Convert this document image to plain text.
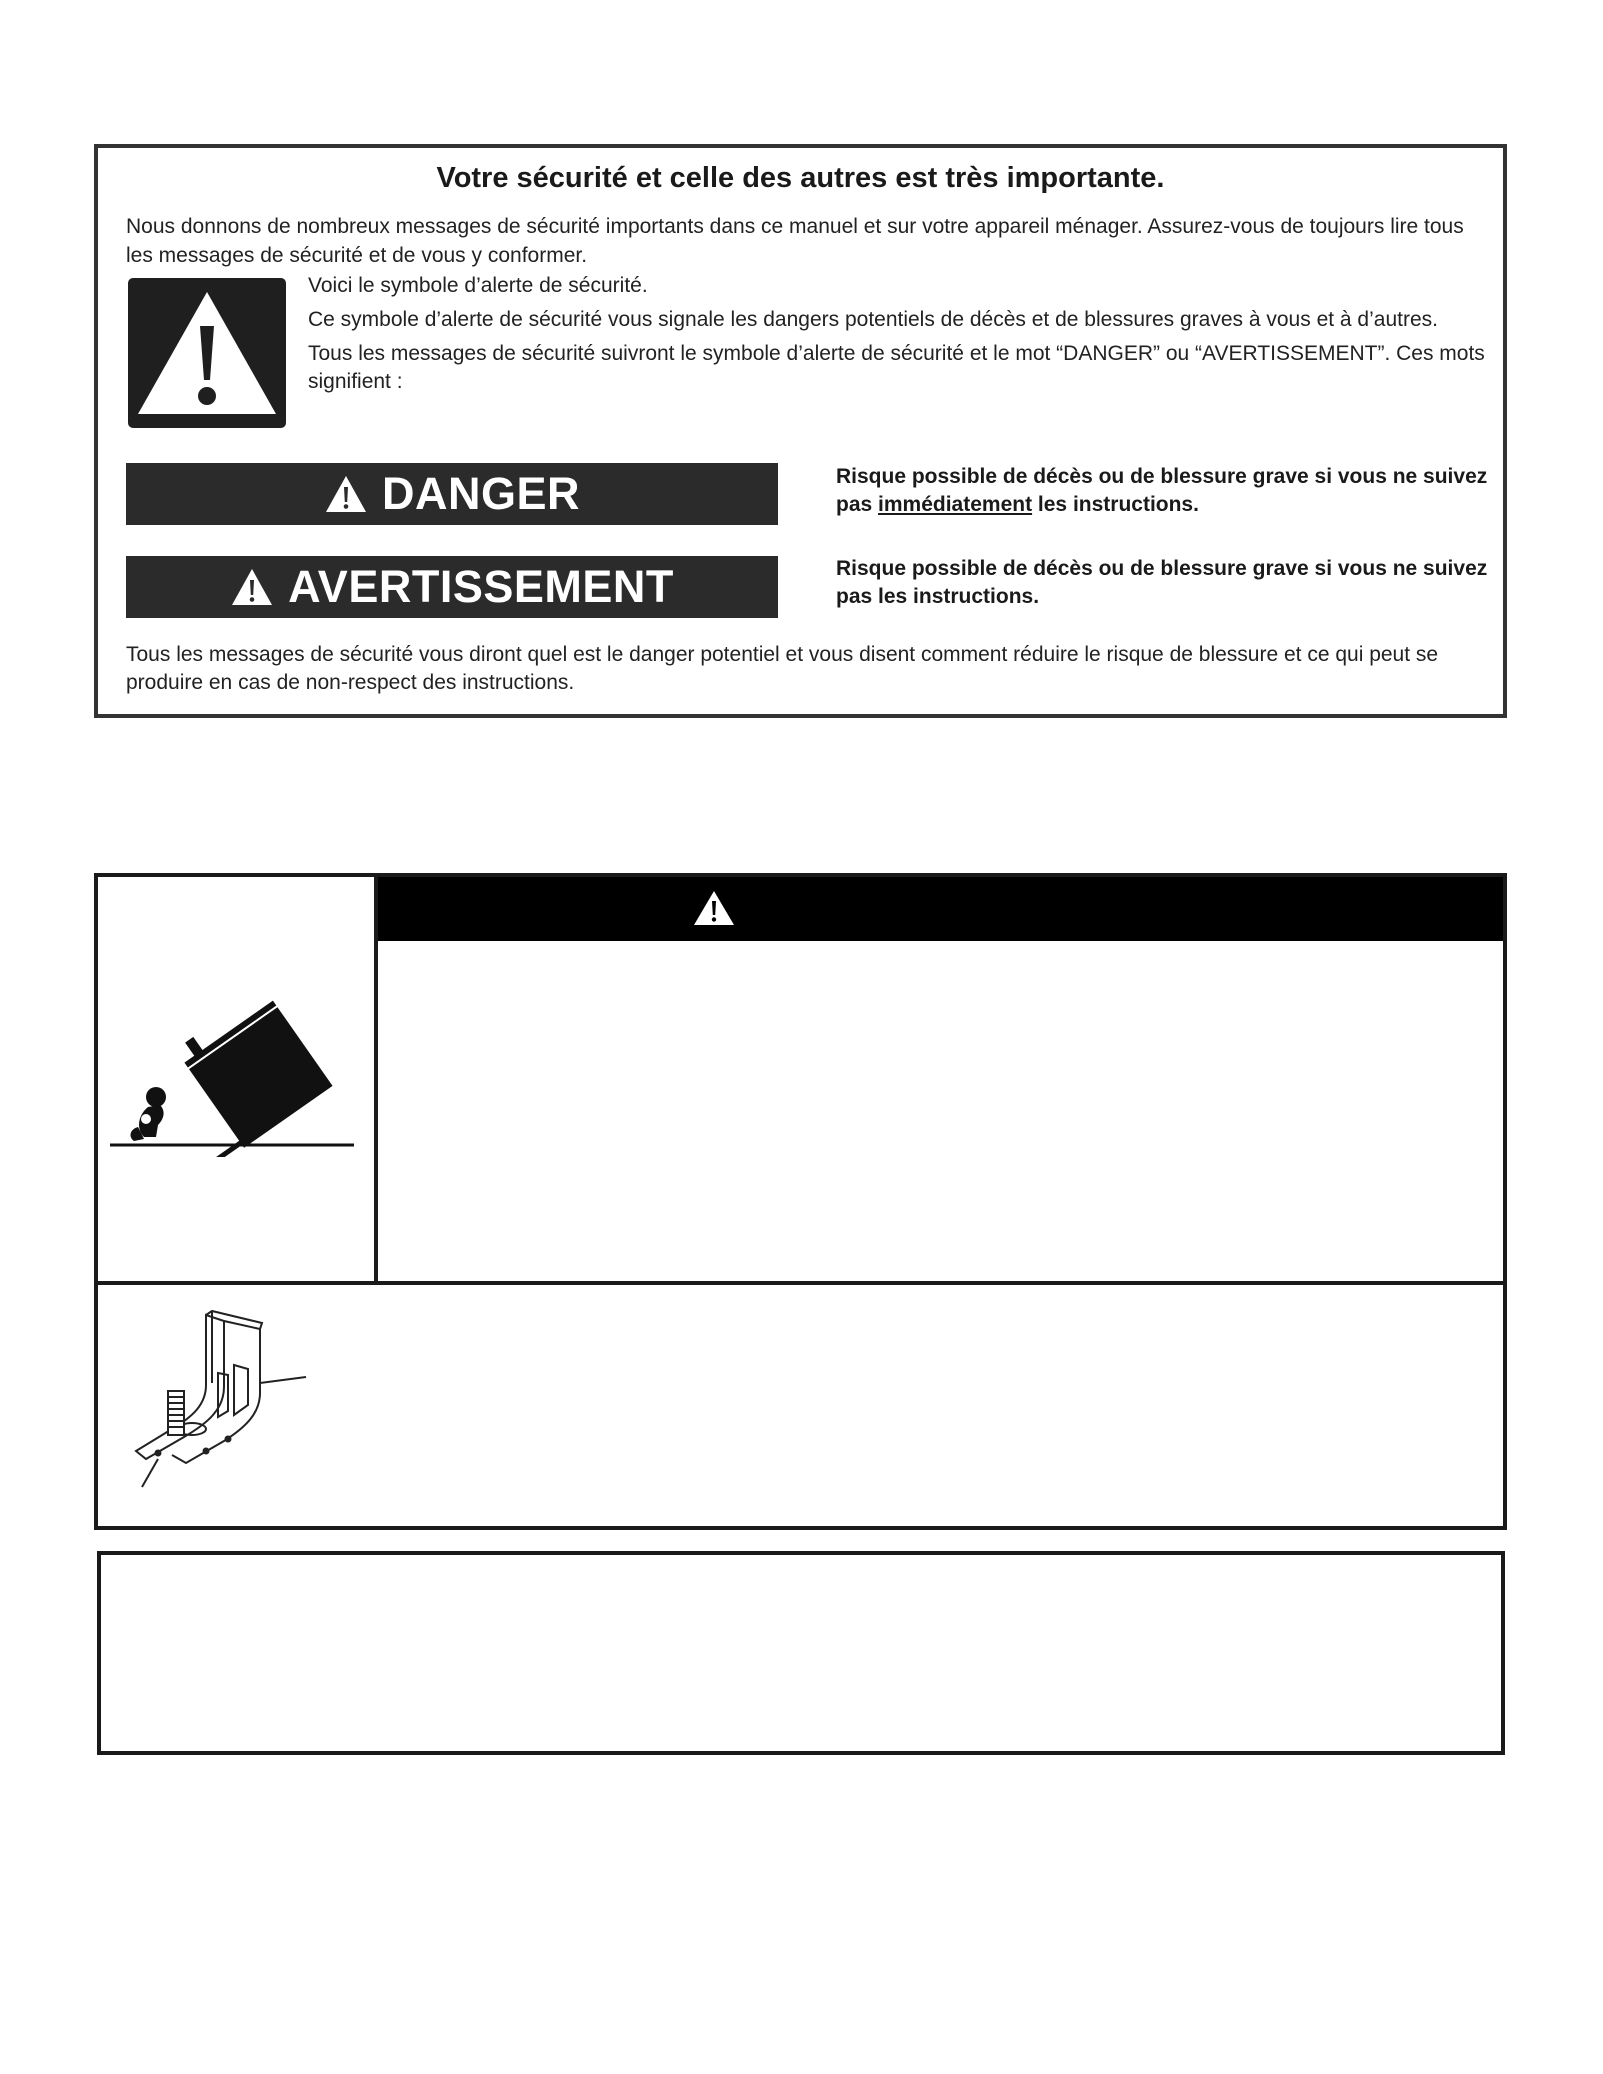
Votre sécurité et celle des autres est très importante.
Nous donnons de nombreux messages de sécurité importants dans ce manuel et sur votre appareil ménager. Assurez-vous de toujours lire tous les messages de sécurité et de vous y conformer.

Voici le symbole d’alerte de sécurité.

Ce symbole d’alerte de sécurité vous signale les dangers potentiels de décès et de blessures graves à vous et à d’autres.

Tous les messages de sécurité suivront le symbole d’alerte de sécurité et le mot “DANGER” ou “AVERTISSEMENT”. Ces mots signifient :

DANGER	Risque possible de décès ou de blessure grave si vous ne suivez pas immédiatement les instructions.
AVERTISSEMENT	Risque possible de décès ou de blessure grave si vous ne suivez pas les instructions.
Tous les messages de sécurité vous diront quel est le danger potentiel et vous disent comment réduire le risque de blessure et ce qui peut se produire en cas de non-respect des instructions.
